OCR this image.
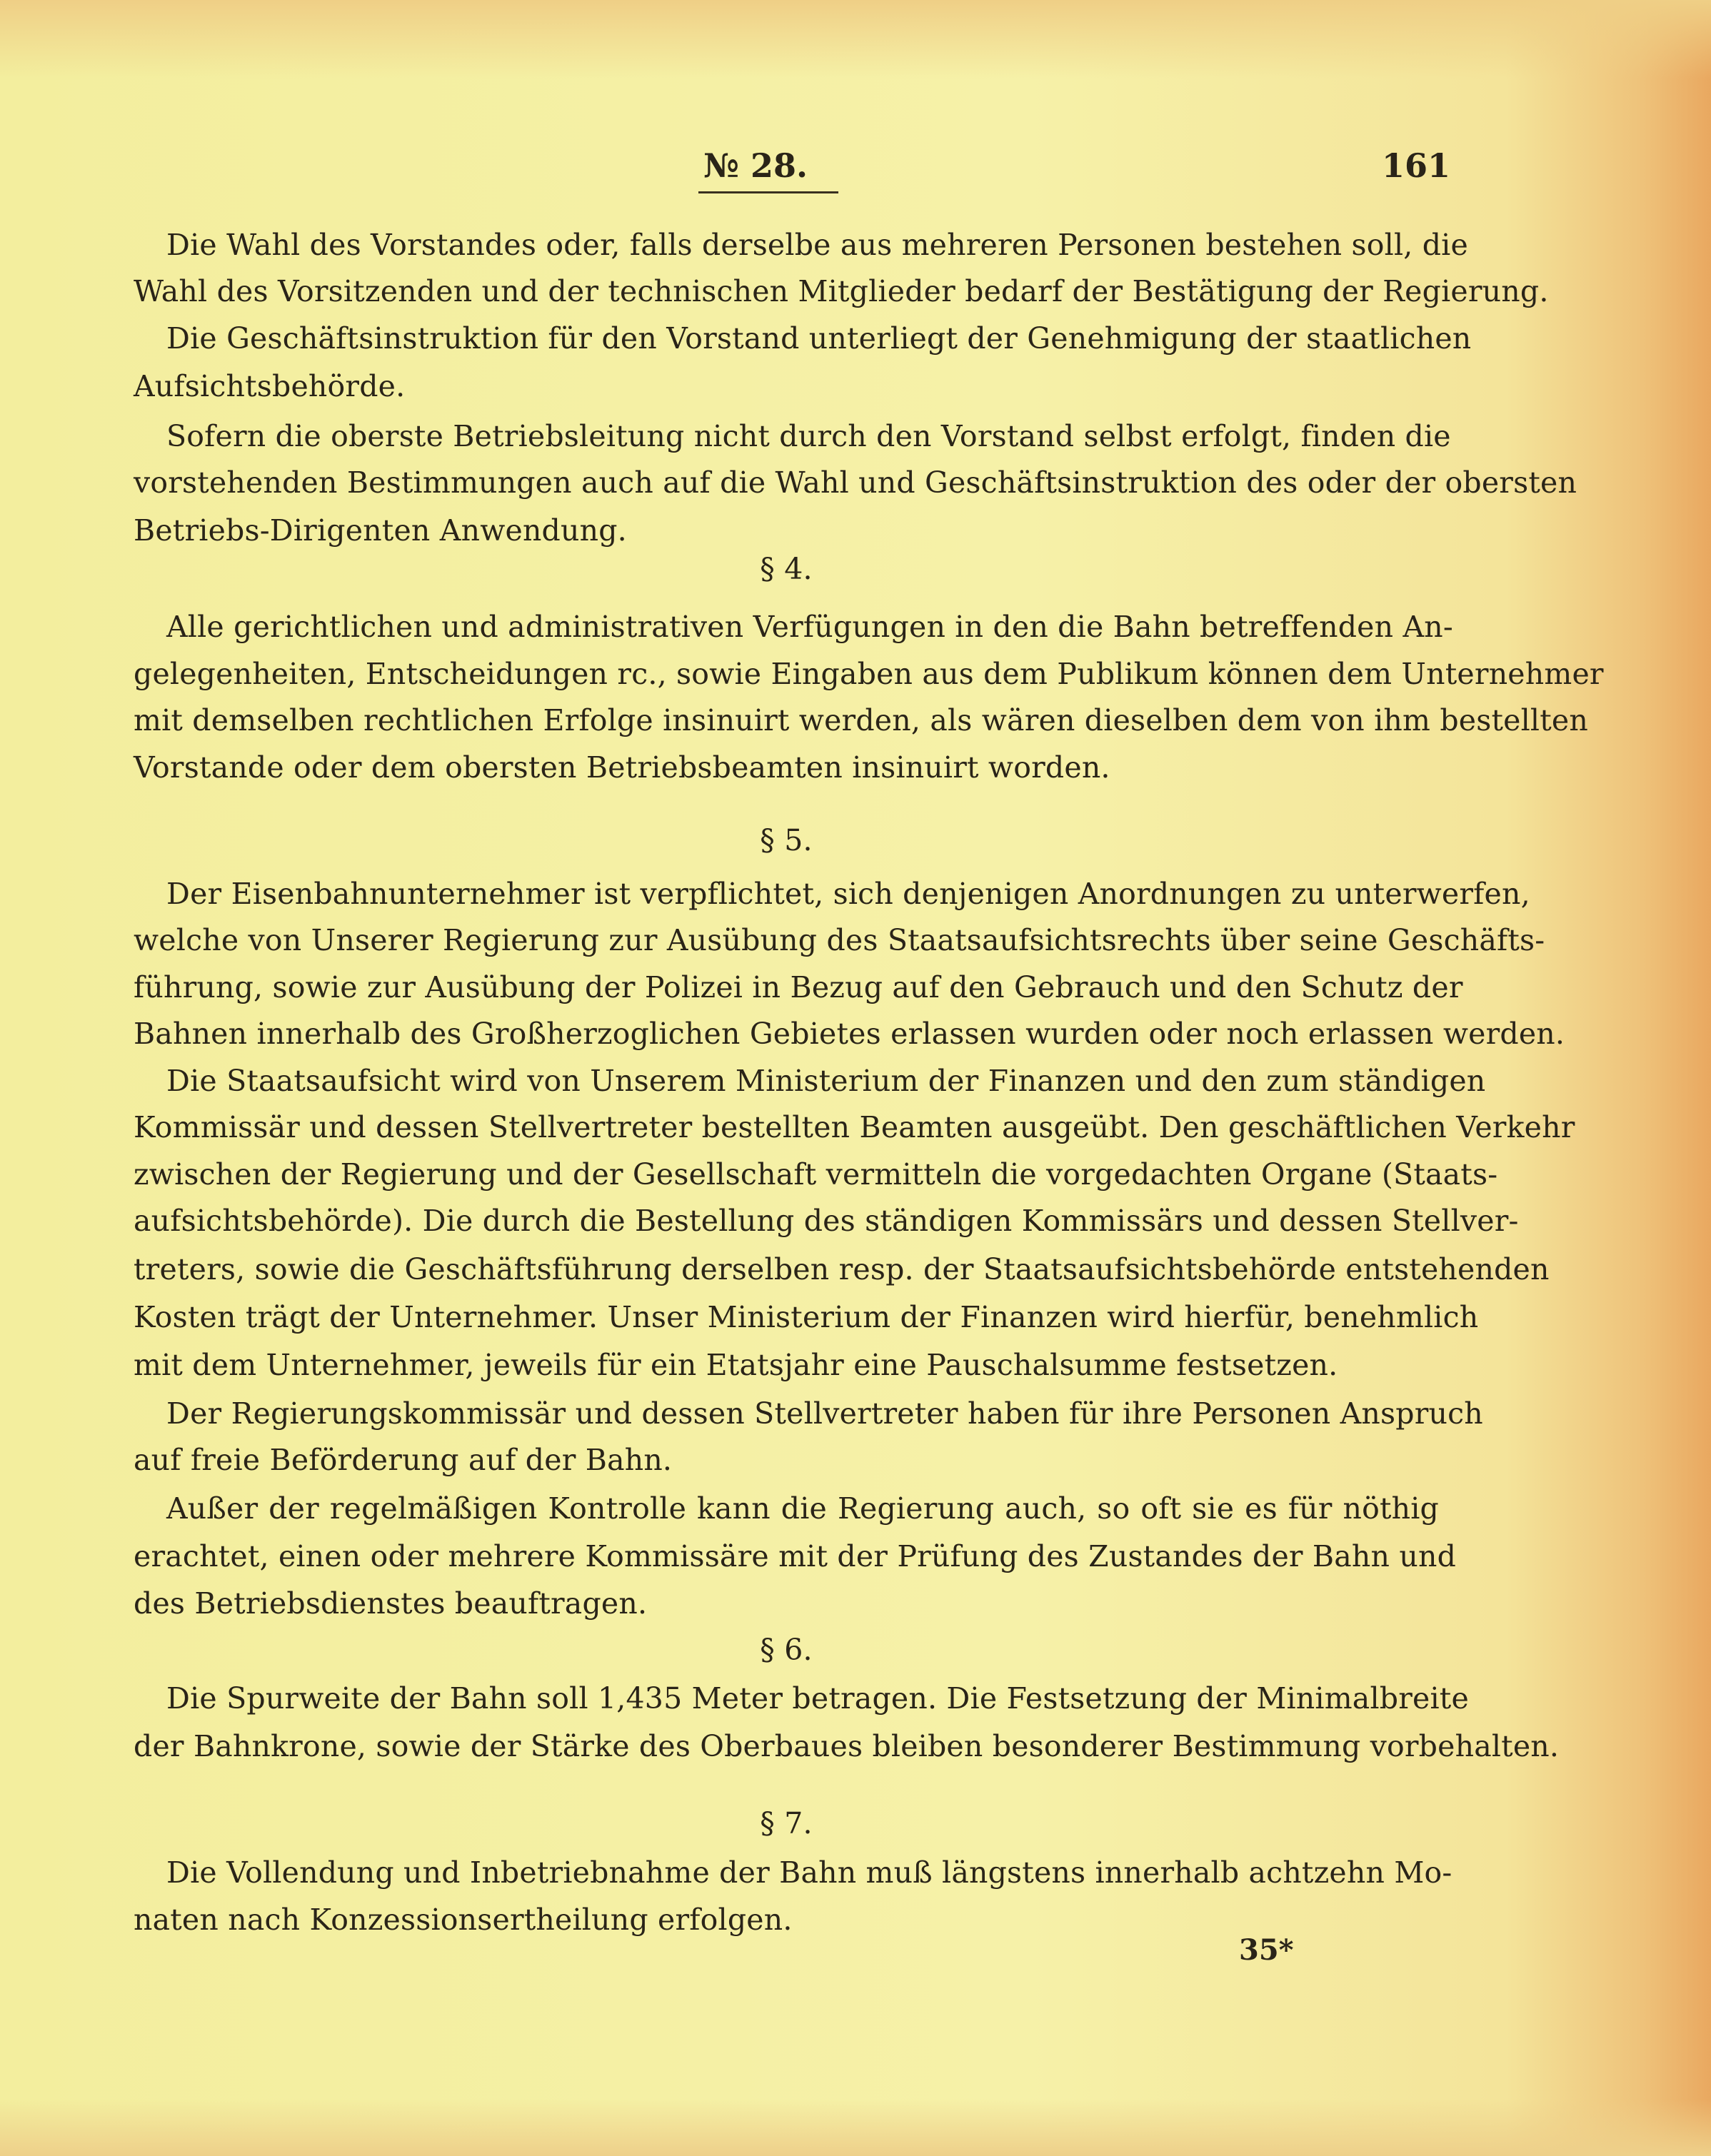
№ 28.	161
Die Wahl des Vorstandes oder, falls derselbe aus mehreren Personen bestehen soll, die
Wahl des Vorsitzenden und der technischen Mitglieder bedarf der Bestätigung der Regierung.
Die Geschäftsinstruktion für den Vorstand unterliegt der Genehmigung der staatlichen
Aufsichtsbehörde.
Sofern die oberste Betriebsleitung nicht durch den Vorstand selbst erfolgt, finden die
vorstehenden Bestimmungen auch auf die Wahl und Geschäftsinstruktion des oder der obersten
Betriebs-Dirigenten Anwendung.
§ 4.
Alle gerichtlichen und administrativen Verfügungen in den die Bahn betreffenden An-
gelegenheiten, Entscheidungen rc., sowie Eingaben aus dem Publikum können dem Unternehmer
mit demselben rechtlichen Erfolge insinuirt werden, als wären dieselben dem von ihm bestellten
Vorstande oder dem obersten Betriebsbeamten insinuirt worden.
§ 5.
Der Eisenbahnunternehmer ist verpflichtet, sich denjenigen Anordnungen zu unterwerfen,
welche von Unserer Regierung zur Ausübung des Staatsaufsichtsrechts über seine Geschäfts-
führung, sowie zur Ausübung der Polizei in Bezug auf den Gebrauch und den Schutz der
Bahnen innerhalb des Großherzoglichen Gebietes erlassen wurden oder noch erlassen werden.
Die Staatsaufsicht wird von Unserem Ministerium der Finanzen und den zum ständigen
Kommissär und dessen Stellvertreter bestellten Beamten ausgeübt. Den geschäftlichen Verkehr
zwischen der Regierung und der Gesellschaft vermitteln die vorgedachten Organe (Staats-
aufsichtsbehörde). Die durch die Bestellung des ständigen Kommissärs und dessen Stellver-
treters, sowie die Geschäftsführung derselben resp. der Staatsaufsichtsbehörde entstehenden
Kosten trägt der Unternehmer. Unser Ministerium der Finanzen wird hierfür, benehmlich
mit dem Unternehmer, jeweils für ein Etatsjahr eine Pauschalsumme festsetzen.
Der Regierungskommissär und dessen Stellvertreter haben für ihre Personen Anspruch
auf freie Beförderung auf der Bahn.
Außer der regelmäßigen Kontrolle kann die Regierung auch, so oft sie es für nöthig
erachtet, einen oder mehrere Kommissäre mit der Prüfung des Zustandes der Bahn und
des Betriebsdienstes beauftragen.
§ 6.
Die Spurweite der Bahn soll 1,435 Meter betragen. Die Festsetzung der Minimalbreite
der Bahnkrone, sowie der Stärke des Oberbaues bleiben besonderer Bestimmung vorbehalten.
§ 7.
Die Vollendung und Inbetriebnahme der Bahn muß längstens innerhalb achtzehn Mo-
naten nach Konzessionsertheilung erfolgen.
35*
